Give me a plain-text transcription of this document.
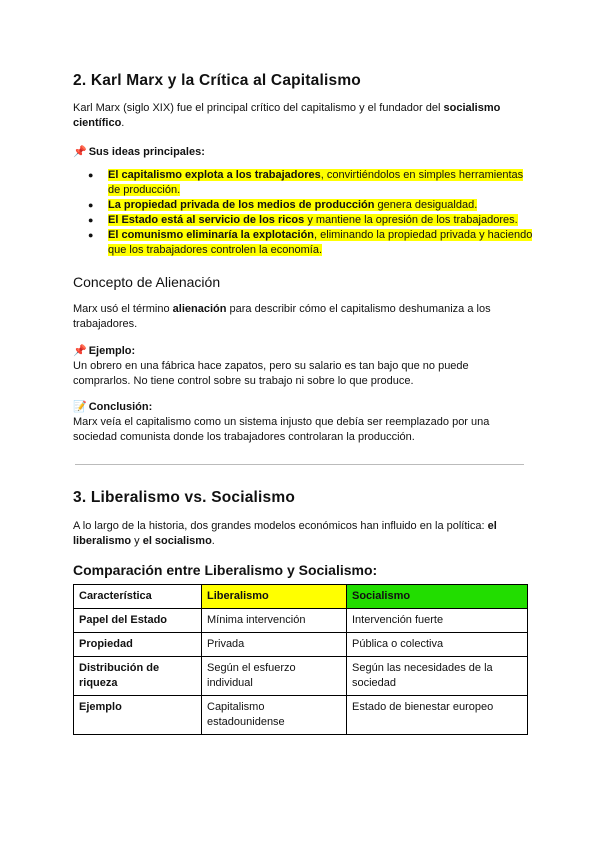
2. Karl Marx y la Crítica al Capitalismo
Karl Marx (siglo XIX) fue el principal crítico del capitalismo y el fundador del socialismo científico.
📌 Sus ideas principales:
● El capitalismo explota a los trabajadores, convirtiéndolos en simples herramientas de producción.
● La propiedad privada de los medios de producción genera desigualdad.
● El Estado está al servicio de los ricos y mantiene la opresión de los trabajadores.
● El comunismo eliminaría la explotación, eliminando la propiedad privada y haciendo que los trabajadores controlen la economía.
Concepto de Alienación
Marx usó el término alienación para describir cómo el capitalismo deshumaniza a los trabajadores.
📌 Ejemplo:
Un obrero en una fábrica hace zapatos, pero su salario es tan bajo que no puede comprarlos. No tiene control sobre su trabajo ni sobre lo que produce.
📝 Conclusión:
Marx veía el capitalismo como un sistema injusto que debía ser reemplazado por una sociedad comunista donde los trabajadores controlaran la producción.
3. Liberalismo vs. Socialismo
A lo largo de la historia, dos grandes modelos económicos han influido en la política: el liberalismo y el socialismo.
Comparación entre Liberalismo y Socialismo:
Característica	Liberalismo	Socialismo
Papel del Estado	Mínima intervención	Intervención fuerte
Propiedad	Privada	Pública o colectiva
Distribución de riqueza	Según el esfuerzo individual	Según las necesidades de la sociedad
Ejemplo	Capitalismo estadounidense	Estado de bienestar europeo
